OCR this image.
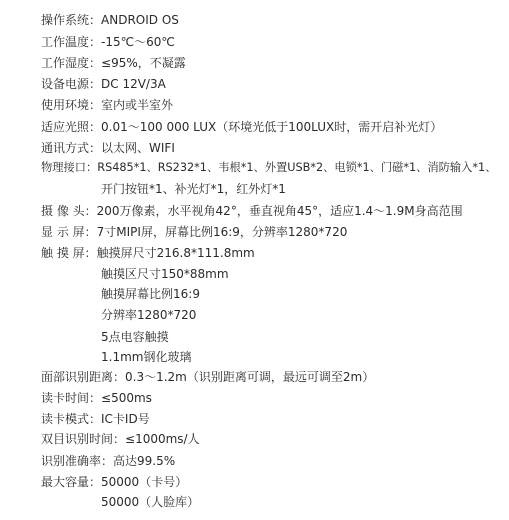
操作系统：ANDROID OS
工作温度：-15℃～60℃
工作湿度：≤95%，不凝露
设备电源：DC 12V/3A
使用环境：室内或半室外
适应光照：0.01～100 000 LUX（环境光低于100LUX时，需开启补光灯）
通讯方式：以太网、WIFI
物理接口：RS485*1、RS232*1、韦根*1、外置USB*2、电锁*1、门磁*1、消防输入*1、
开门按钮*1、补光灯*1，红外灯*1
摄 像 头：200万像素，水平视角42°，垂直视角45°，适应1.4～1.9M身高范围
显 示 屏：7寸MIPI屏，屏幕比例16:9，分辨率1280*720
触 摸 屏：触摸屏尺寸216.8*111.8mm
触摸区尺寸150*88mm
触摸屏幕比例16:9
分辨率1280*720
5点电容触摸
1.1mm钢化玻璃
面部识别距离：0.3～1.2m（识别距离可调，最远可调至2m）
读卡时间：≤500ms
读卡模式：IC卡ID号
双目识别时间：≤1000ms/人
识别准确率：高达99.5%
最大容量：50000（卡号）
50000（人脸库）
